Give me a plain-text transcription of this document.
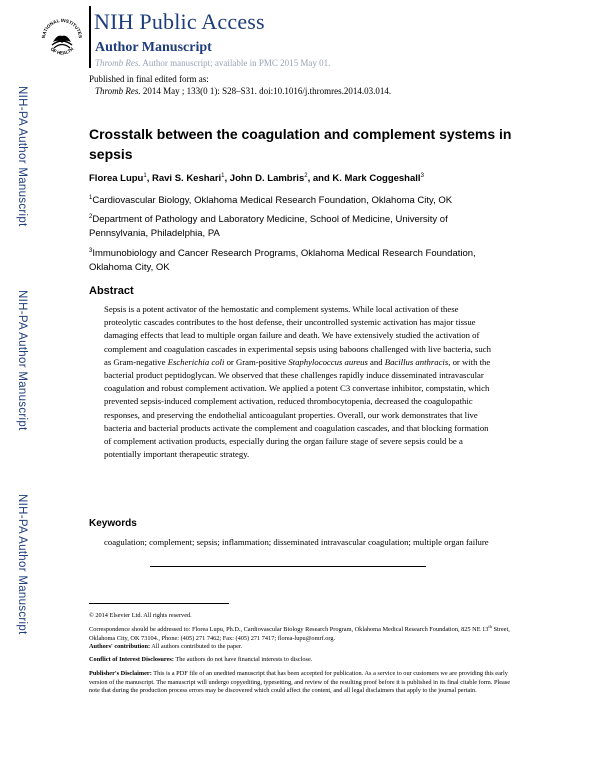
NATIONAL INSTITUTES
OF HEALTH
NIH Public Access
Author Manuscript
Thromb Res. Author manuscript; available in PMC 2015 May 01.
Published in final edited form as:
Thromb Res. 2014 May ; 133(0 1): S28–S31. doi:10.1016/j.thromres.2014.03.014.
NIH-PA Author Manuscript
NIH-PA Author Manuscript
NIH-PA Author Manuscript
Crosstalk between the coagulation and complement systems in sepsis
Florea Lupu$^1$, Ravi S. Keshari$^1$, John D. Lambris$^2$, and K. Mark Coggeshall$^3$
$^1$Cardiovascular Biology, Oklahoma Medical Research Foundation, Oklahoma City, OK
$^2$Department of Pathology and Laboratory Medicine, School of Medicine, University of Pennsylvania, Philadelphia, PA
$^3$Immunobiology and Cancer Research Programs, Oklahoma Medical Research Foundation, Oklahoma City, OK
Abstract
Sepsis is a potent activator of the hemostatic and complement systems. While local activation of these proteolytic cascades contributes to the host defense, their uncontrolled systemic activation has major tissue damaging effects that lead to multiple organ failure and death. We have extensively studied the activation of complement and coagulation cascades in experimental sepsis using baboons challenged with live bacteria, such as Gram-negative Escherichia coli or Gram-positive Staphylococcus aureus and Bacillus anthracis, or with the bacterial product peptidoglycan. We observed that these challenges rapidly induce disseminated intravascular coagulation and robust complement activation. We applied a potent C3 convertase inhibitor, compstatin, which prevented sepsis-induced complement activation, reduced thrombocytopenia, decreased the coagulopathic responses, and preserving the endothelial anticoagulant properties. Overall, our work demonstrates that live bacteria and bacterial products activate the complement and coagulation cascades, and that blocking formation of complement activation products, especially during the organ failure stage of severe sepsis could be a potentially important therapeutic strategy.
Keywords
coagulation; complement; sepsis; inflammation; disseminated intravascular coagulation; multiple organ failure
© 2014 Elsevier Ltd. All rights reserved.
Correspondence should be addressed to: Florea Lupu, Ph.D., Cardiovascular Biology Research Program, Oklahoma Medical Research Foundation, 825 NE 13th Street, Oklahoma City, OK 73104., Phone: (405) 271 7462; Fax: (405) 271 7417; florea-lupu@omrf.org.
Authors' contribution: All authors contributed to the paper.
Conflict of Interest Disclosures: The authors do not have financial interests to disclose.
Publisher's Disclaimer: This is a PDF file of an unedited manuscript that has been accepted for publication. As a service to our customers we are providing this early version of the manuscript. The manuscript will undergo copyediting, typesetting, and review of the resulting proof before it is published in its final citable form. Please note that during the production process errors may be discovered which could affect the content, and all legal disclaimers that apply to the journal pertain.
